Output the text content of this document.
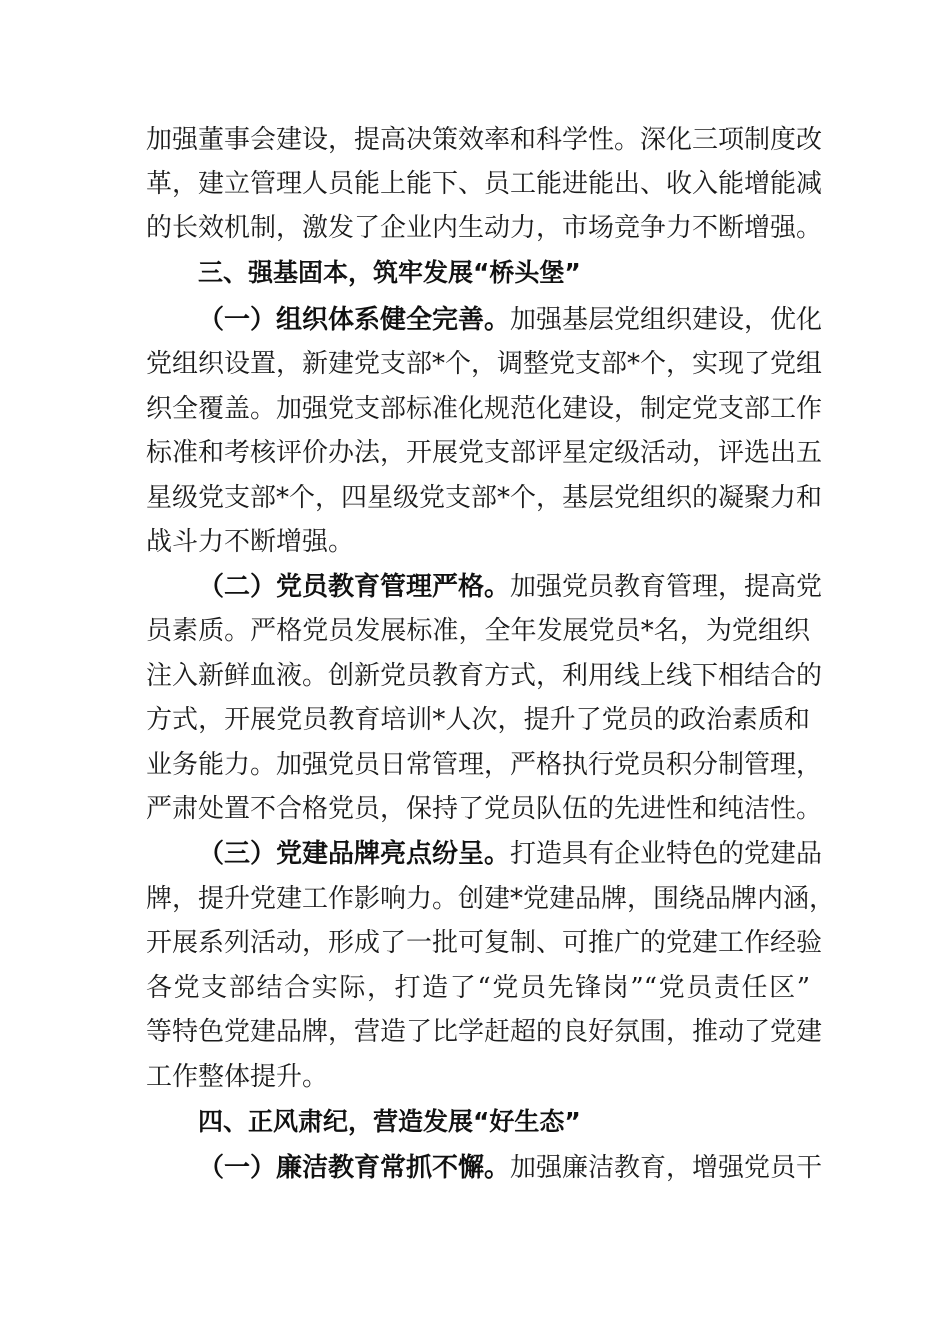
加强董事会建设，提高决策效率和科学性。深化三项制度改
革，建立管理人员能上能下、员工能进能出、收入能增能减
的长效机制，激发了企业内生动力，市场竞争力不断增强。
三、强基固本，筑牢发展“桥头堡”
（一）组织体系健全完善。加强基层党组织建设，优化
党组织设置，新建党支部*个，调整党支部*个，实现了党组
织全覆盖。加强党支部标准化规范化建设，制定党支部工作
标准和考核评价办法，开展党支部评星定级活动，评选出五
星级党支部*个，四星级党支部*个，基层党组织的凝聚力和
战斗力不断增强。
（二）党员教育管理严格。加强党员教育管理，提高党
员素质。严格党员发展标准，全年发展党员*名，为党组织
注入新鲜血液。创新党员教育方式，利用线上线下相结合的
方式，开展党员教育培训*人次，提升了党员的政治素质和
业务能力。加强党员日常管理，严格执行党员积分制管理，
严肃处置不合格党员，保持了党员队伍的先进性和纯洁性。
（三）党建品牌亮点纷呈。打造具有企业特色的党建品
牌，提升党建工作影响力。创建*党建品牌，围绕品牌内涵，
开展系列活动，形成了一批可复制、可推广的党建工作经验
各党支部结合实际，打造了“党员先锋岗”“党员责任区”
等特色党建品牌，营造了比学赶超的良好氛围，推动了党建
工作整体提升。
四、正风肃纪，营造发展“好生态”
（一）廉洁教育常抓不懈。加强廉洁教育，增强党员干
